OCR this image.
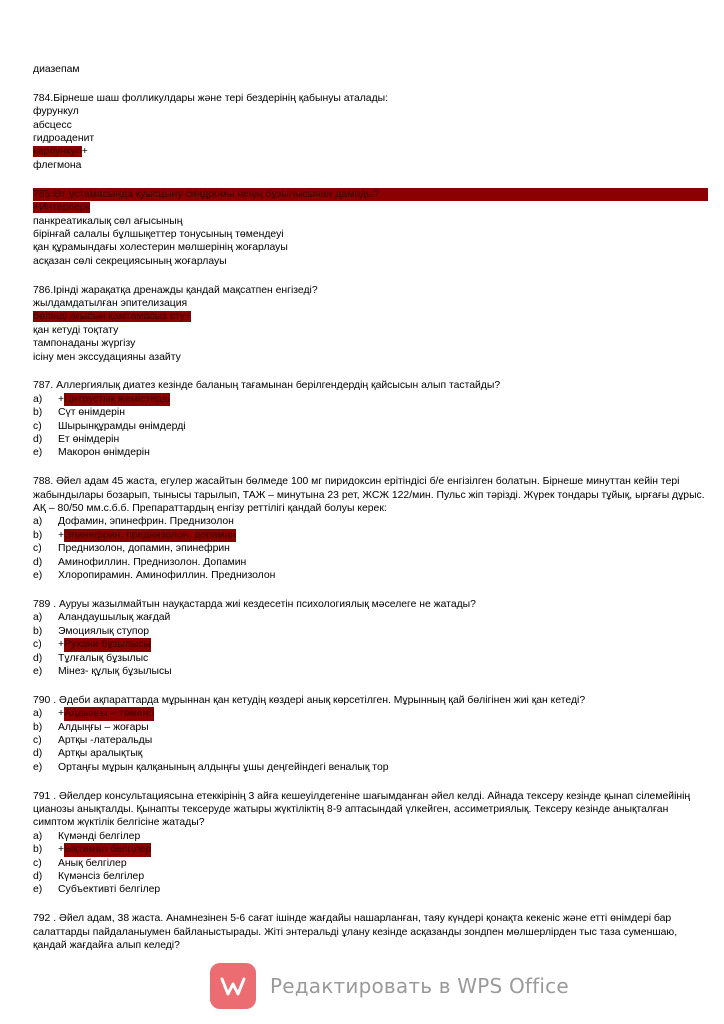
диазепам
784.Бірнеше шаш фолликулдары және тері бездерінің қабынуы аталады:
фурункул
абсцесс
гидроаденит
карбункул+
флегмона
785.Өт ұстамасында қуысцыну синдромы неңің бұзылысынан дамиды?
+Интерперк
панкреатикалық сөл ағысының
бірінғай салалы бұлшықеттер тонусының төмендеуі
қан құрамындағы холестерин мөлшерінің жоғарлауы
асқазан сөлі секрециясының жоғарлауы
786.Ірінді жарақатқа дренажды қандай мақсатпен енгізеді?
жылдамдатылған эпителизация
бөлінді ағысын қамтамасыз ету+
қан кетуді тоқтату
тампонаданы жүргізу
ісіну мен экссудацияны азайту
787. Аллергиялық диатез кезінде баланың тағамынан берілгендердің қайсысын алып тастайды?
a)	+ Цитрустық жемістерді
b)	Сүт өнімдерін
c)	Шырынқұрамды өнімдерді
d)	Ет өнімдерін
e)	Макорон өнімдерін
788. Әйел адам 45 жаста, егулер жасайтын бөлмеде 100 мг пиридоксин ерітіндісі б/е енгізілген болатын. Бірнеше минуттан кейін тері жабындылары бозарып, тынысы тарылып, ТАЖ – минутына 23 рет, ЖСЖ 122/мин. Пульс жіп тәрізді. Жүрек тондары тұйық, ырғағы дұрыс. АҚ – 80/50 мм.с.б.б. Препараттардың енгізу реттілігі қандай болуы керек:
a)	Дофамин, эпинефрин. Преднизолон
b)	+ Эпинефрин, преднизолон, допамин
c)	Преднизолон, допамин, эпинефрин
d)	Аминофиллин. Преднизолон. Допамин
e)	Хлоропирамин. Аминофиллин. Преднизолон
789 . Ауруы жазылмайтын науқастарда жиі кездесетін психологиялық мәселеге не жатады?
a)	Аландаушылық жағдай
b)	Эмоциялық ступор
c)	+ Рухани бұзылысы
d)	Тұлғалық бұзылыс
e)	Мінез- құлық бұзылысы
790 . Әдеби ақпараттарда мұрыннан қан кетудің көздері анық көрсетілген. Мұрынның қай бөлігінен жиі қан кетеді?
a)	+ Алдыңғы – төменгі
b)	Алдыңғы – жоғары
c)	Артқы -латеральды
d)	Артқы аралықтық
e)	Ортаңғы мұрын қалқанының алдыңғы ұшы деңгейіндегі веналық тор
791 . Әйелдер консультациясына етеккірінің 3 айға кешеуілдегеніне шағымданған әйел келді. Айнада тексеру кезінде қынап сілемейінің цианозы анықталды. Қынапты тексеруде жатыры жүктіліктің 8-9 аптасындай үлкейген, ассиметриялық. Тексеру кезінде анықталған симптом жүктілік белгісіне жатады?
a)	Күмәнді белгілер
b)	+ Ықтимал белгілер
c)	Анық белгілер
d)	Күмәнсіз белгілер
e)	Субъективті белгілер
792 . Әйел адам, 38 жаста. Анамнезінен 5-6 сағат ішінде жағдайы нашарланған, таяу күндері қонақта кекеніс және етті өнімдері бар салаттарды пайдаланыумен байланыстырады. Жіті энтеральді ұлану кезінде асқазанды зондпен мөлшерлірден тыс таза суменшаю, қандай жағдайға алып келеді?
Редактировать в WPS Office
